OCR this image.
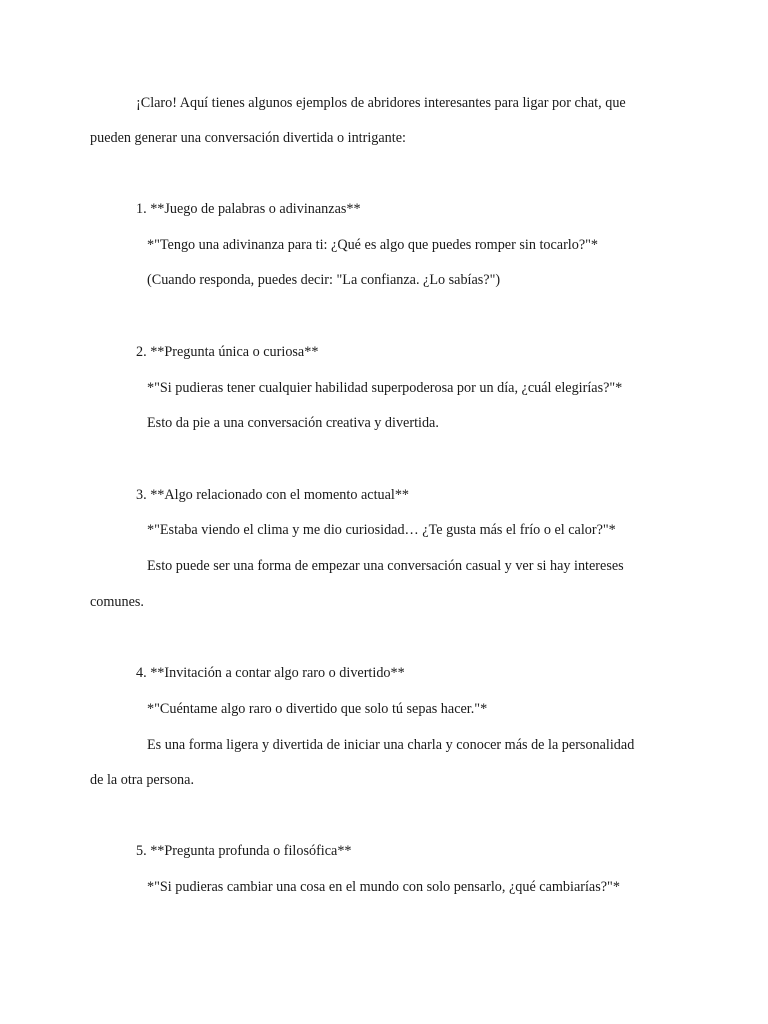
¡Claro! Aquí tienes algunos ejemplos de abridores interesantes para ligar por chat, que
pueden generar una conversación divertida o intrigante:
1. **Juego de palabras o adivinanzas**
*"Tengo una adivinanza para ti: ¿Qué es algo que puedes romper sin tocarlo?"*
(Cuando responda, puedes decir: "La confianza. ¿Lo sabías?")
2. **Pregunta única o curiosa**
*"Si pudieras tener cualquier habilidad superpoderosa por un día, ¿cuál elegirías?"*
Esto da pie a una conversación creativa y divertida.
3. **Algo relacionado con el momento actual**
*"Estaba viendo el clima y me dio curiosidad… ¿Te gusta más el frío o el calor?"*
Esto puede ser una forma de empezar una conversación casual y ver si hay intereses
comunes.
4. **Invitación a contar algo raro o divertido**
*"Cuéntame algo raro o divertido que solo tú sepas hacer."*
Es una forma ligera y divertida de iniciar una charla y conocer más de la personalidad
de la otra persona.
5. **Pregunta profunda o filosófica**
*"Si pudieras cambiar una cosa en el mundo con solo pensarlo, ¿qué cambiarías?"*
